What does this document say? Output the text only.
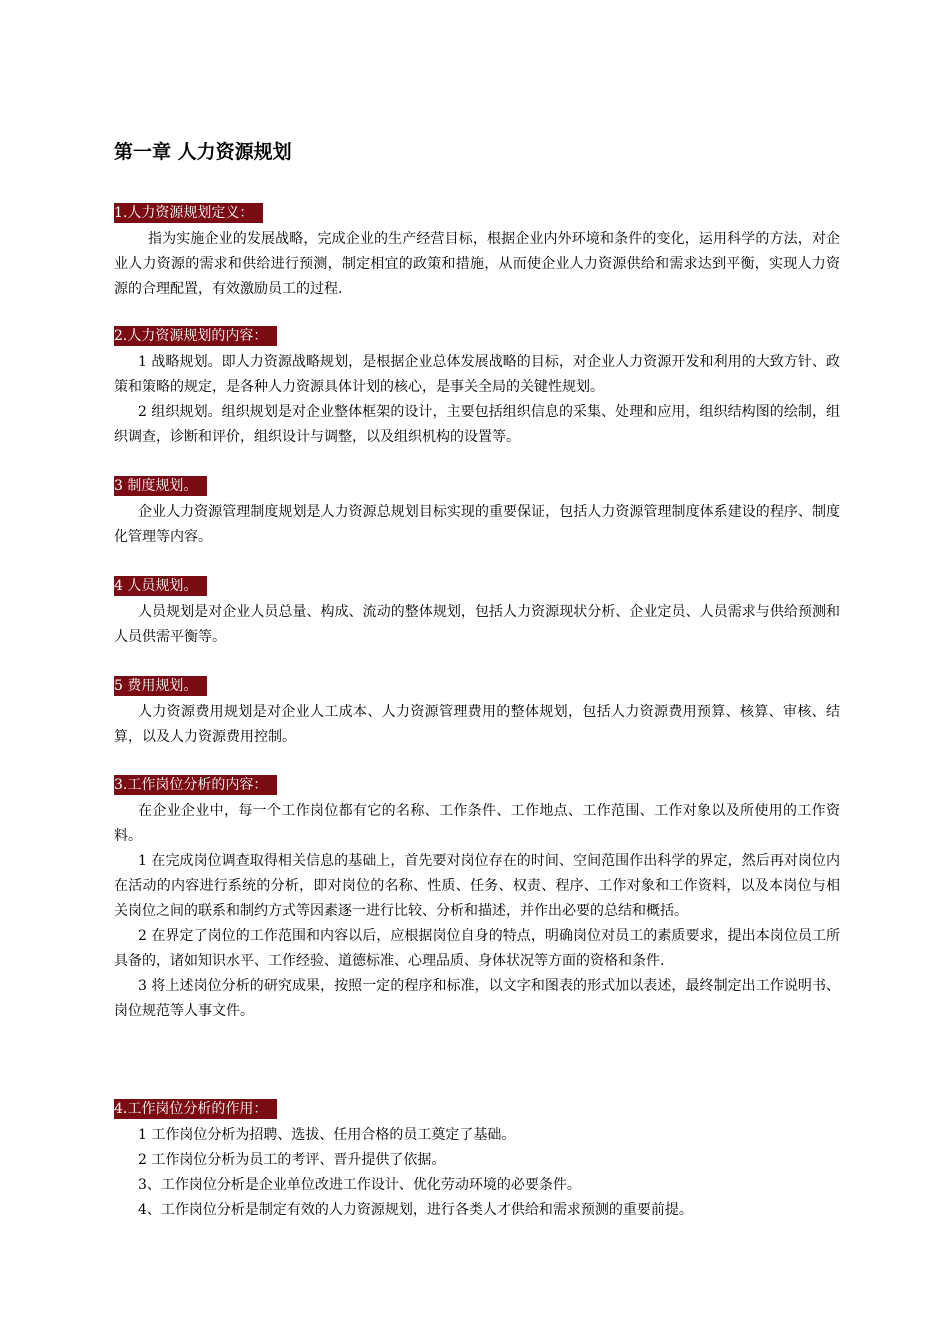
第一章 人力资源规划
1.人力资源规划定义：

指为实施企业的发展战略，完成企业的生产经营目标，根据企业内外环境和条件的变化，运用科学的方法，对企业人力资源的需求和供给进行预测，制定相宜的政策和措施，从而使企业人力资源供给和需求达到平衡，实现人力资源的合理配置，有效激励员工的过程.

2.人力资源规划的内容：

1 战略规划。即人力资源战略规划，是根据企业总体发展战略的目标，对企业人力资源开发和利用的大致方针、政策和策略的规定，是各种人力资源具体计划的核心，是事关全局的关键性规划。

2 组织规划。组织规划是对企业整体框架的设计，主要包括组织信息的采集、处理和应用，组织结构图的绘制，组织调查，诊断和评价，组织设计与调整，以及组织机构的设置等。

3 制度规划。

企业人力资源管理制度规划是人力资源总规划目标实现的重要保证，包括人力资源管理制度体系建设的程序、制度化管理等内容。

4 人员规划。

人员规划是对企业人员总量、构成、流动的整体规划，包括人力资源现状分析、企业定员、人员需求与供给预测和人员供需平衡等。

5 费用规划。

人力资源费用规划是对企业人工成本、人力资源管理费用的整体规划，包括人力资源费用预算、核算、审核、结算，以及人力资源费用控制。

3.工作岗位分析的内容：

在企业企业中，每一个工作岗位都有它的名称、工作条件、工作地点、工作范围、工作对象以及所使用的工作资料。

1 在完成岗位调查取得相关信息的基础上，首先要对岗位存在的时间、空间范围作出科学的界定，然后再对岗位内在活动的内容进行系统的分析，即对岗位的名称、性质、任务、权责、程序、工作对象和工作资料，以及本岗位与相关岗位之间的联系和制约方式等因素逐一进行比较、分析和描述，并作出必要的总结和概括。

2 在界定了岗位的工作范围和内容以后，应根据岗位自身的特点，明确岗位对员工的素质要求，提出本岗位员工所具备的，诸如知识水平、工作经验、道德标准、心理品质、身体状况等方面的资格和条件.

3 将上述岗位分析的研究成果，按照一定的程序和标准，以文字和图表的形式加以表述，最终制定出工作说明书、岗位规范等人事文件。

4.工作岗位分析的作用：

1 工作岗位分析为招聘、选拔、任用合格的员工奠定了基础。

2 工作岗位分析为员工的考评、晋升提供了依据。

3、工作岗位分析是企业单位改进工作设计、优化劳动环境的必要条件。

4、工作岗位分析是制定有效的人力资源规划，进行各类人才供给和需求预测的重要前提。
